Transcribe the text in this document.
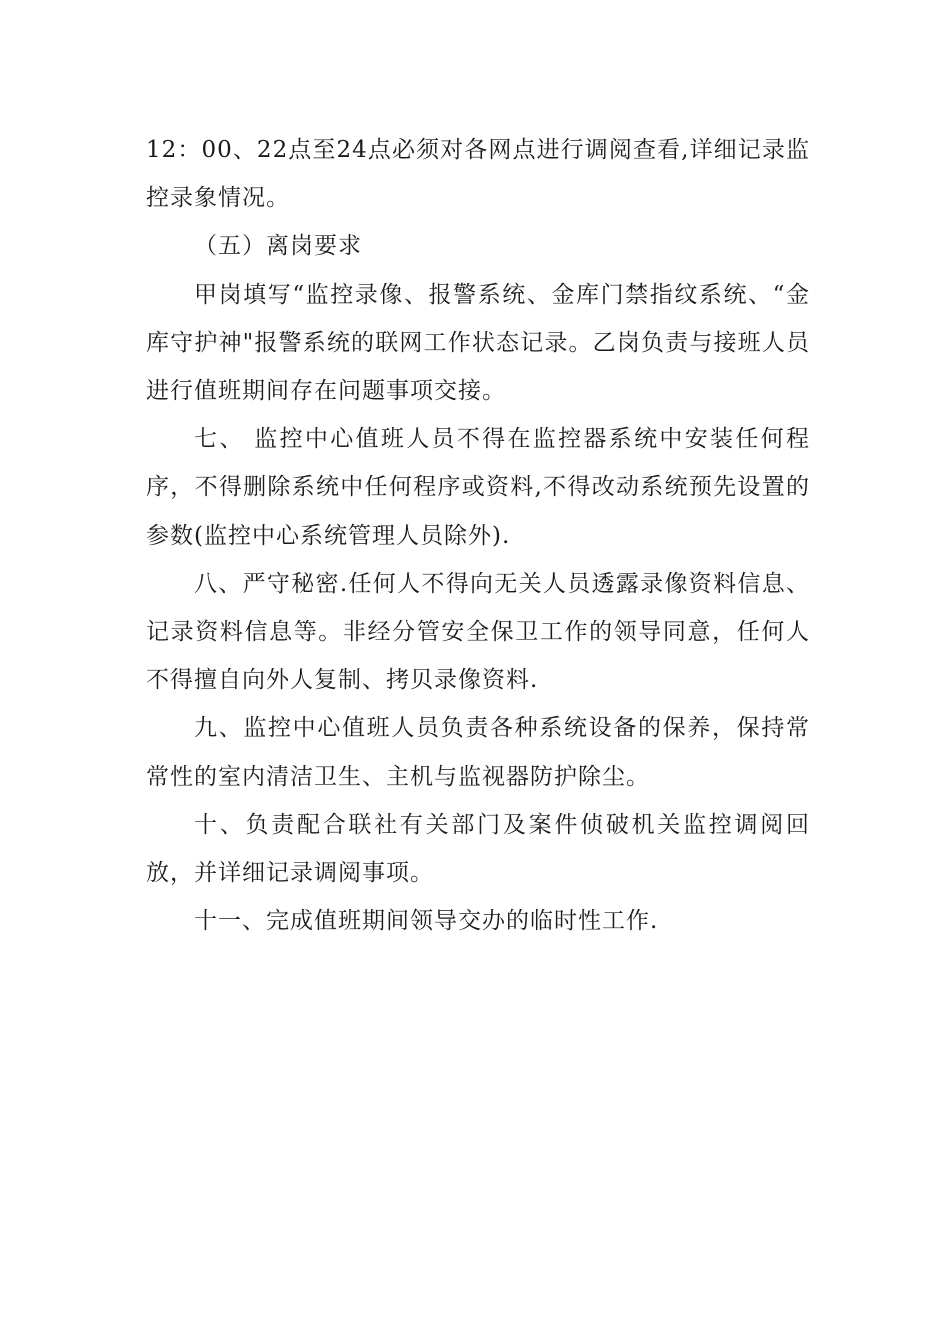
12：00、22点至24点必须对各网点进行调阅查看,详细记录监控录象情况。

（五）离岗要求

甲岗填写“监控录像、报警系统、金库门禁指纹系统、“金库守护神"报警系统的联网工作状态记录。乙岗负责与接班人员进行值班期间存在问题事项交接。

七、 监控中心值班人员不得在监控器系统中安装任何程序，不得删除系统中任何程序或资料,不得改动系统预先设置的参数(监控中心系统管理人员除外).

八、严守秘密.任何人不得向无关人员透露录像资料信息、记录资料信息等。非经分管安全保卫工作的领导同意，任何人不得擅自向外人复制、拷贝录像资料.

九、监控中心值班人员负责各种系统设备的保养，保持常常性的室内清洁卫生、主机与监视器防护除尘。

十、负责配合联社有关部门及案件侦破机关监控调阅回放，并详细记录调阅事项。

十一、完成值班期间领导交办的临时性工作.
